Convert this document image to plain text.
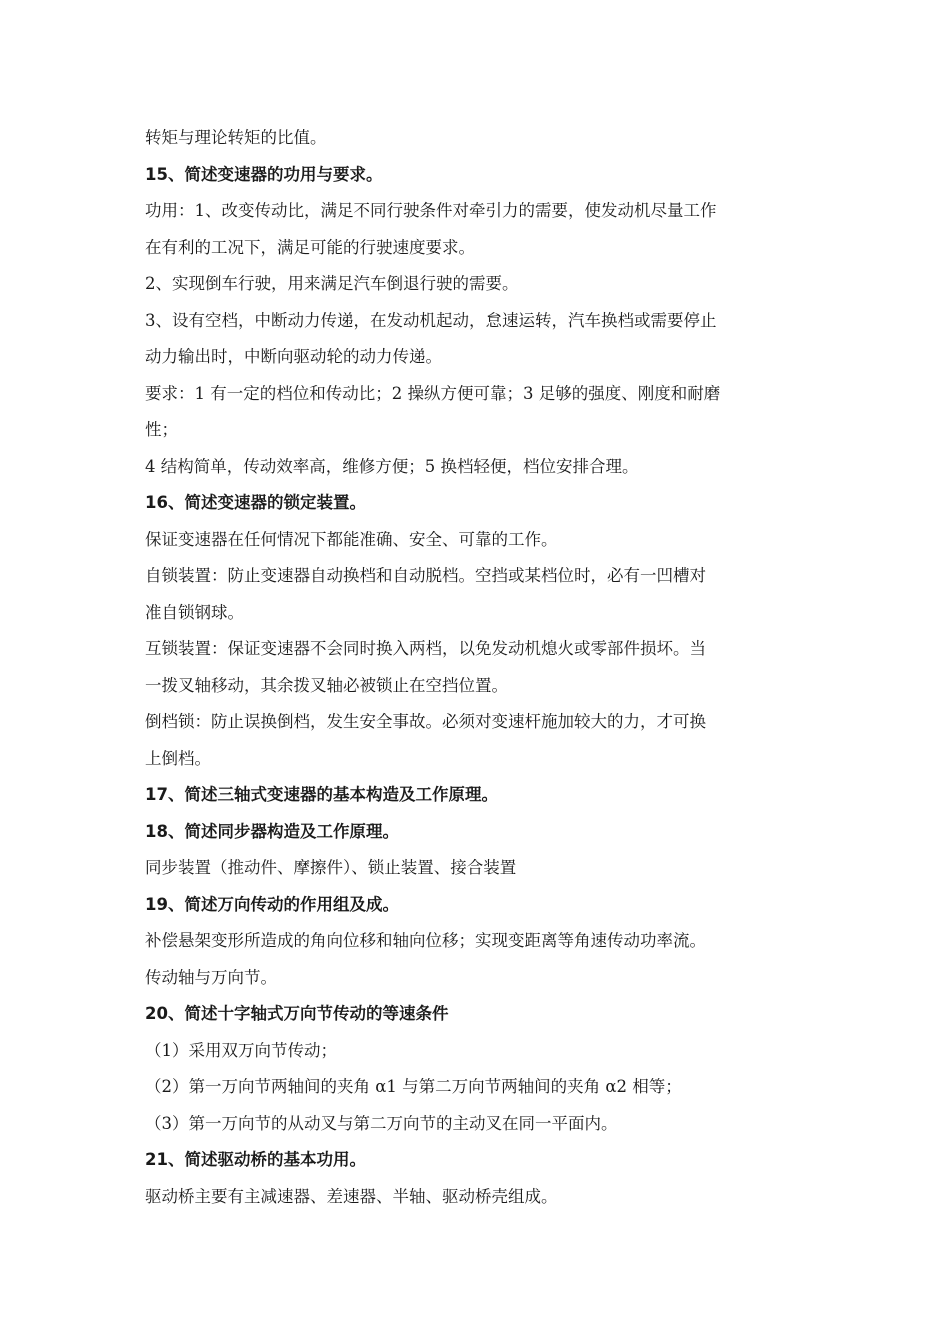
转矩与理论转矩的比值。
15、简述变速器的功用与要求。
功用：1、改变传动比，满足不同行驶条件对牵引力的需要，使发动机尽量工作
在有利的工况下，满足可能的行驶速度要求。
2、实现倒车行驶，用来满足汽车倒退行驶的需要。
3、设有空档，中断动力传递，在发动机起动，怠速运转，汽车换档或需要停止
动力输出时，中断向驱动轮的动力传递。
要求：1 有一定的档位和传动比；2 操纵方便可靠；3 足够的强度、刚度和耐磨
性；
4 结构简单，传动效率高，维修方便；5 换档轻便，档位安排合理。
16、简述变速器的锁定装置。
保证变速器在任何情况下都能准确、安全、可靠的工作。
自锁装置：防止变速器自动换档和自动脱档。空挡或某档位时，必有一凹槽对
准自锁钢球。
互锁装置：保证变速器不会同时换入两档，以免发动机熄火或零部件损坏。当
一拨叉轴移动，其余拨叉轴必被锁止在空挡位置。
倒档锁：防止误换倒档，发生安全事故。必须对变速杆施加较大的力，才可换
上倒档。
17、简述三轴式变速器的基本构造及工作原理。
18、简述同步器构造及工作原理。
同步装置（推动件、摩擦件）、锁止装置、接合装置
19、简述万向传动的作用组及成。
补偿悬架变形所造成的角向位移和轴向位移；实现变距离等角速传动功率流。
传动轴与万向节。
20、简述十字轴式万向节传动的等速条件
（1）采用双万向节传动；
（2）第一万向节两轴间的夹角 α1 与第二万向节两轴间的夹角 α2 相等；
（3）第一万向节的从动叉与第二万向节的主动叉在同一平面内。
21、简述驱动桥的基本功用。
驱动桥主要有主减速器、差速器、半轴、驱动桥壳组成。
